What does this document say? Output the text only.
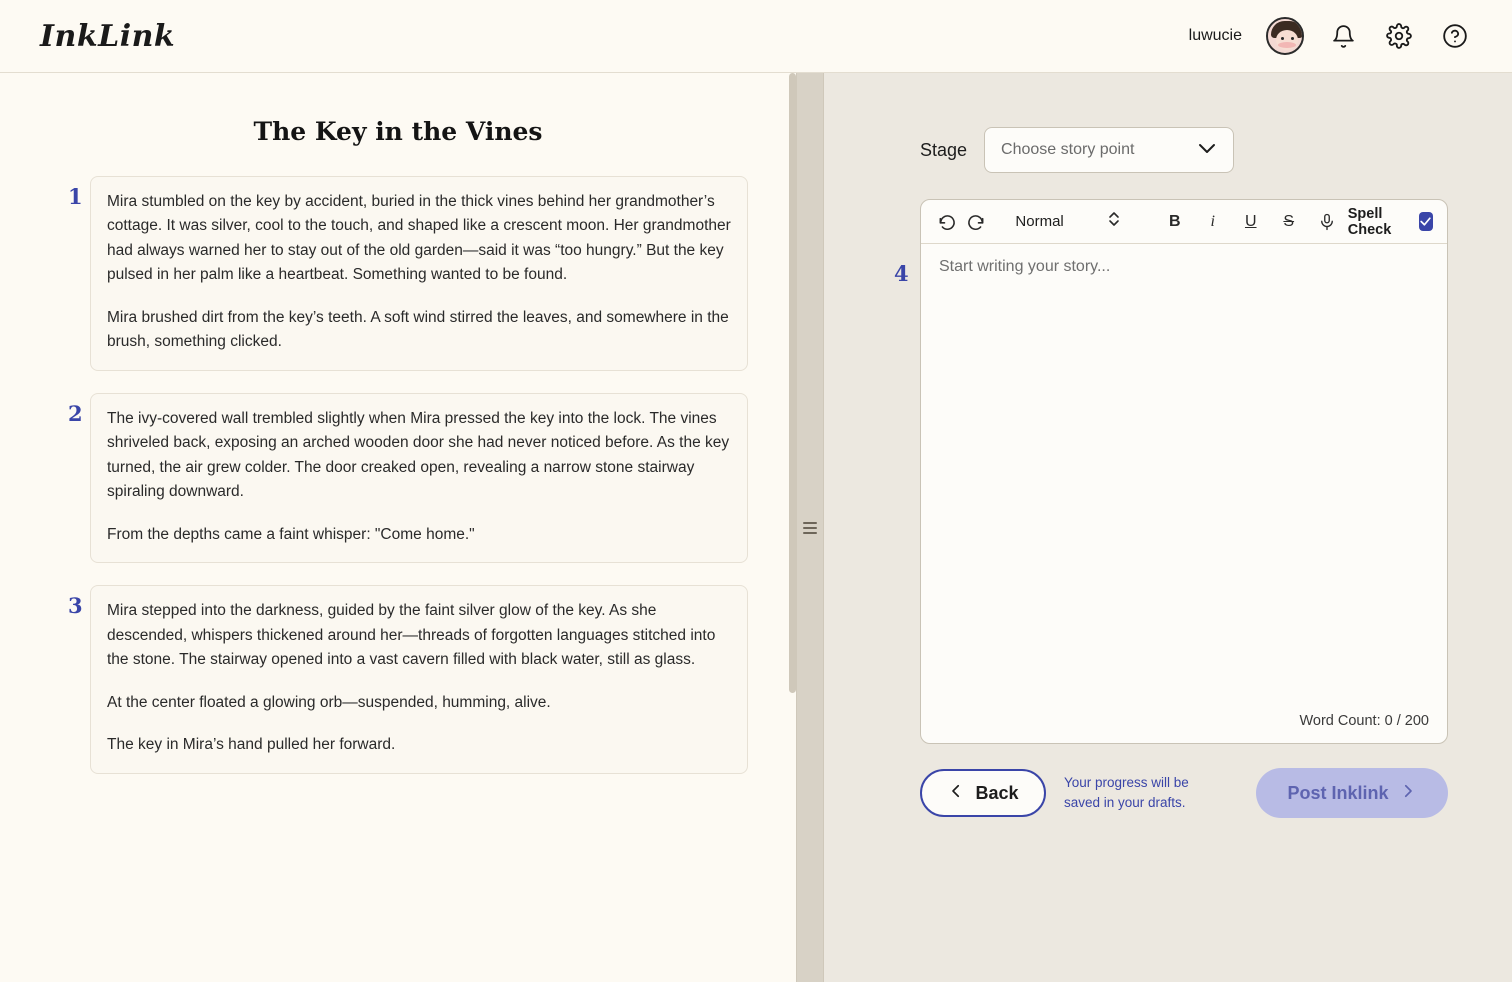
InkLink	luwucie
The Key in the Vines
1	Mira stumbled on the key by accident, buried in the thick vines behind her grandmother’s cottage. It was silver, cool to the touch, and shaped like a crescent moon. Her grandmother had always warned her to stay out of the old garden—said it was “too hungry.” But the key pulsed in her palm like a heartbeat. Something wanted to be found.

Mira brushed dirt from the key’s teeth. A soft wind stirred the leaves, and somewhere in the brush, something clicked.

2	The ivy-covered wall trembled slightly when Mira pressed the key into the lock. The vines shriveled back, exposing an arched wooden door she had never noticed before. As the key turned, the air grew colder. The door creaked open, revealing a narrow stone stairway spiraling downward.

From the depths came a faint whisper: "Come home."

3	Mira stepped into the darkness, guided by the faint silver glow of the key. As she descended, whispers thickened around her—threads of forgotten languages stitched into the stone. The stairway opened into a vast cavern filled with black water, still as glass.

At the center floated a glowing orb—suspended, humming, alive.

The key in Mira’s hand pulled her forward.

Stage Choose story point
4
Normal	B	i	U	S	Spell Check
Start writing your story...
Word Count: 0 / 200
Back	Your progress will be saved in your drafts.	Post Inklink
